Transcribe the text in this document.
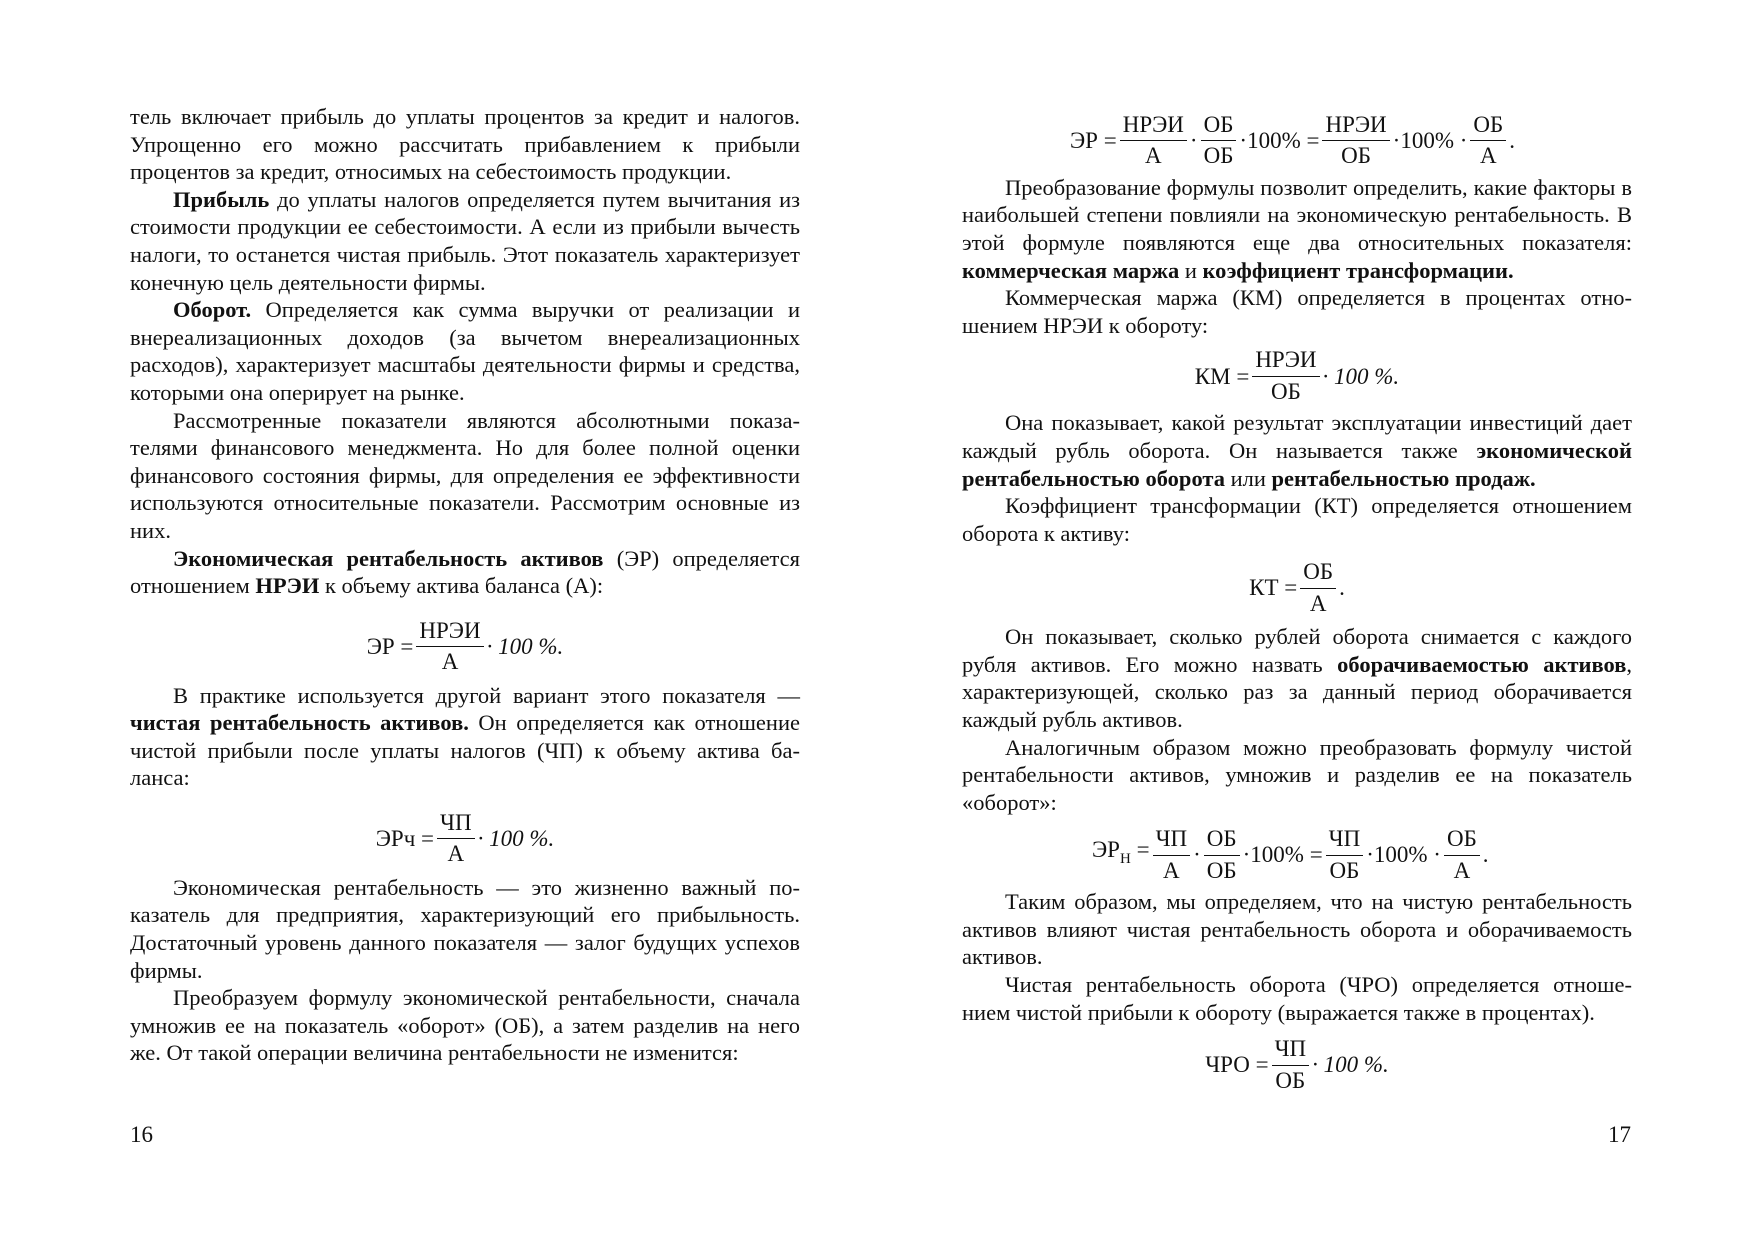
тель включает прибыль до уплаты процентов за кредит и налогов. Упрощенно его можно рассчитать прибавлением к прибыли процентов за кредит, относимых на себестоимость продукции.

Прибыль до уплаты налогов определяется путем вычитания из стоимости продукции ее себестоимости. А если из прибыли вычесть налоги, то останется чистая прибыль. Этот показатель характеризует конечную цель деятельности фирмы.

Оборот. Определяется как сумма выручки от реализации и внереализационных доходов (за вычетом внереализационных расходов), характеризует масштабы деятельности фирмы и средства, которыми она оперирует на рынке.

Рассмотренные показатели являются абсолютными показателями финансового менеджмента. Но для более полной оценки финансового состояния фирмы, для определения ее эффективности используются относительные показатели. Рассмотрим основные из них.

Экономическая рентабельность активов (ЭР) определяется отношением НРЭИ к объему актива баланса (А):

ЭР = $\frac{\text{НРЭИ}}{А} \cdot 100$ %.

В практике используется другой вариант этого показателя — чистая рентабельность активов. Он определяется как отношение чистой прибыли после уплаты налогов (ЧП) к объему актива баланса:

ЭРч = $\frac{ЧП}{А} \cdot 100$ %.

Экономическая рентабельность — это жизненно важный показатель для предприятия, характеризующий его прибыльность. Достаточный уровень данного показателя — залог будущих успехов фирмы.

Преобразуем формулу экономической рентабельности, сначала умножив ее на показатель «оборот» (ОБ), а затем разделив на него же. От такой операции величина рентабельности не изменится:

ЭР = $\frac{\text{НРЭИ}}{А} \cdot \frac{ОБ}{ОБ} \cdot 100\% = \frac{\text{НРЭИ}}{ОБ} \cdot 100\% \cdot \frac{ОБ}{А}$ .

Преобразование формулы позволит определить, какие факторы в наибольшей степени повлияли на экономическую рентабельность. В этой формуле появляются еще два относительных показателя: коммерческая маржа и коэффициент трансформации.

Коммерческая маржа (КМ) определяется в процентах отношением НРЭИ к обороту:

КМ = $\frac{\text{НРЭИ}}{ОБ} \cdot 100$ %.

Она показывает, какой результат эксплуатации инвестиций дает каждый рубль оборота. Он называется также экономической рентабельностью оборота или рентабельностью продаж.

Коэффициент трансформации (КТ) определяется отношением оборота к активу:

КТ = $\frac{ОБ}{А}$ .

Он показывает, сколько рублей оборота снимается с каждого рубля активов. Его можно назвать оборачиваемостью активов, характеризующей, сколько раз за данный период оборачивается каждый рубль активов.

Аналогичным образом можно преобразовать формулу чистой рентабельности активов, умножив и разделив ее на показатель «оборот»:

$ЭР_Н = \frac{ЧП}{А} \cdot \frac{ОБ}{ОБ} \cdot 100\% = \frac{ЧП}{ОБ} \cdot 100\% \cdot \frac{ОБ}{А}$ .

Таким образом, мы определяем, что на чистую рентабельность активов влияют чистая рентабельность оборота и оборачиваемость активов.

Чистая рентабельность оборота (ЧРО) определяется отношением чистой прибыли к обороту (выражается также в процентах).

ЧРО = $\frac{ЧП}{ОБ} \cdot 100$ %.
16	17
